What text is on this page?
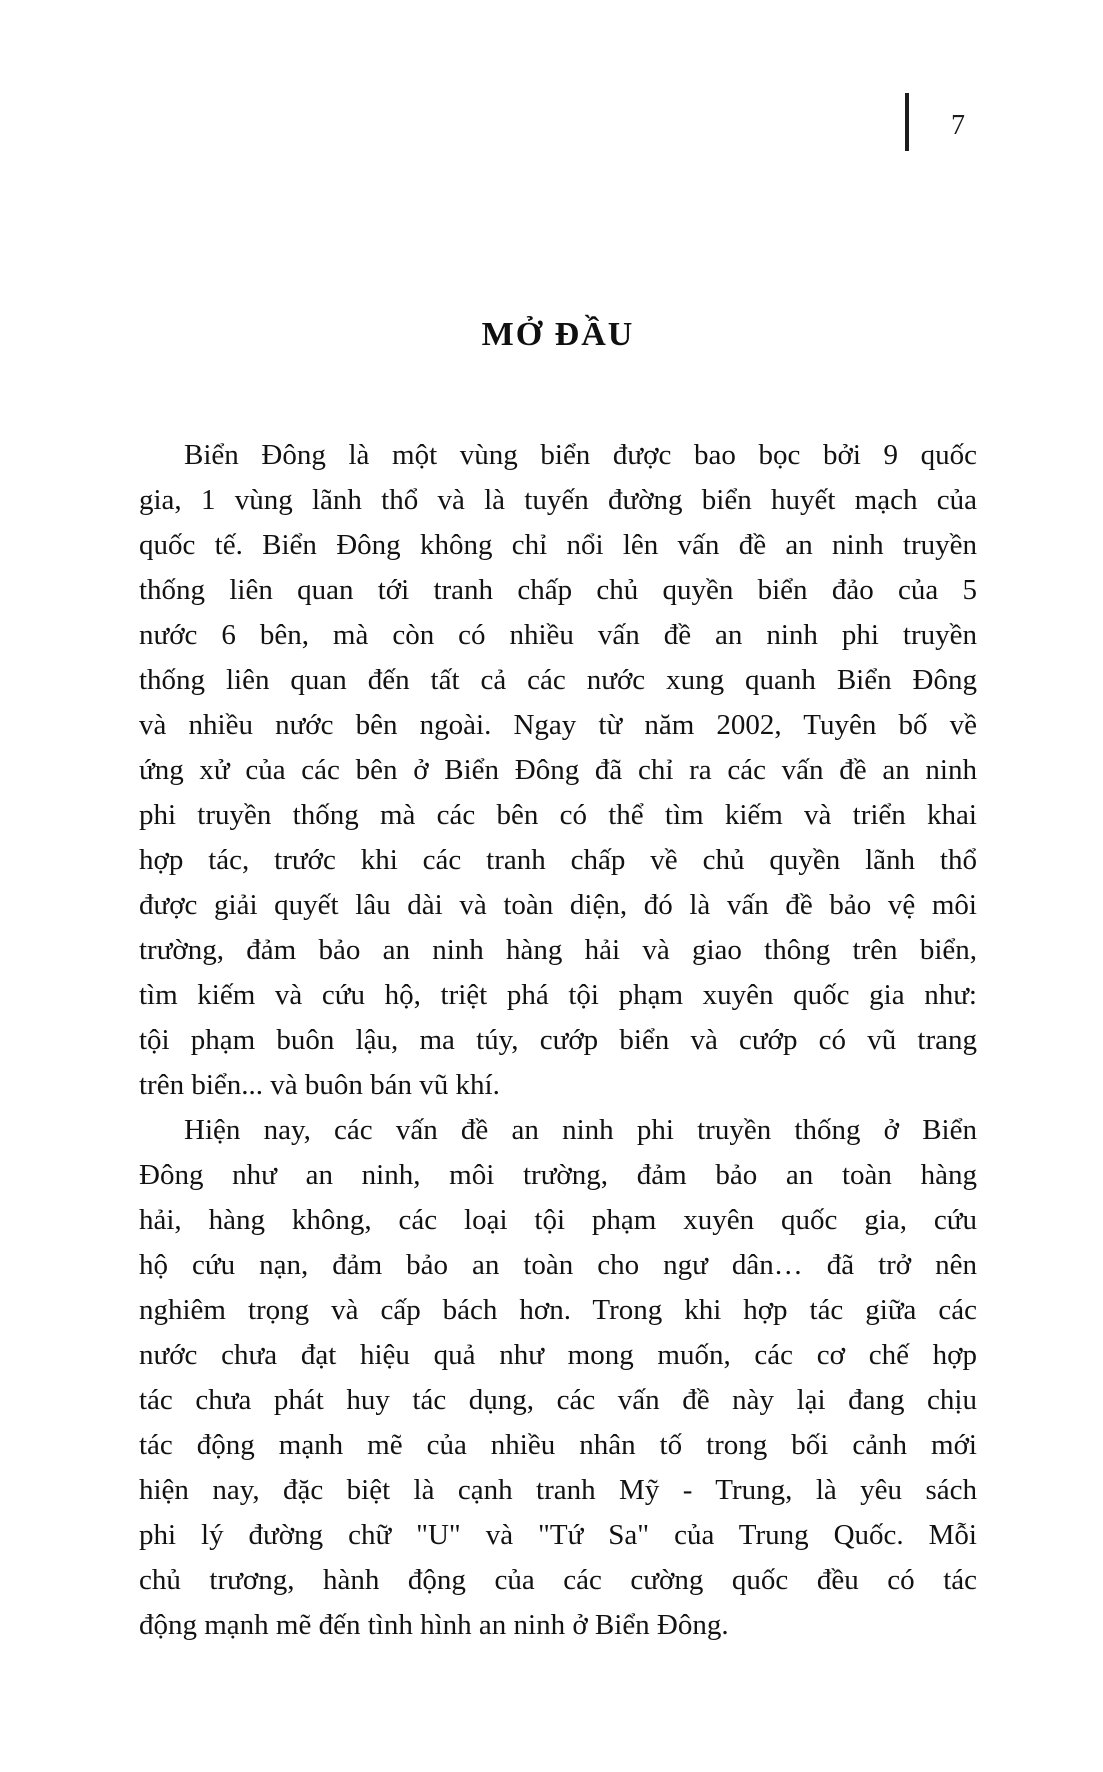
7
MỞ ĐẦU
Biển Đông là một vùng biển được bao bọc bởi 9 quốc
gia, 1 vùng lãnh thổ và là tuyến đường biển huyết mạch của
quốc tế. Biển Đông không chỉ nổi lên vấn đề an ninh truyền
thống liên quan tới tranh chấp chủ quyền biển đảo của 5
nước 6 bên, mà còn có nhiều vấn đề an ninh phi truyền
thống liên quan đến tất cả các nước xung quanh Biển Đông
và nhiều nước bên ngoài. Ngay từ năm 2002, Tuyên bố về
ứng xử của các bên ở Biển Đông đã chỉ ra các vấn đề an ninh
phi truyền thống mà các bên có thể tìm kiếm và triển khai
hợp tác, trước khi các tranh chấp về chủ quyền lãnh thổ
được giải quyết lâu dài và toàn diện, đó là vấn đề bảo vệ môi
trường, đảm bảo an ninh hàng hải và giao thông trên biển,
tìm kiếm và cứu hộ, triệt phá tội phạm xuyên quốc gia như:
tội phạm buôn lậu, ma túy, cướp biển và cướp có vũ trang
trên biển... và buôn bán vũ khí.
Hiện nay, các vấn đề an ninh phi truyền thống ở Biển
Đông như an ninh, môi trường, đảm bảo an toàn hàng
hải, hàng không, các loại tội phạm xuyên quốc gia, cứu
hộ cứu nạn, đảm bảo an toàn cho ngư dân… đã trở nên
nghiêm trọng và cấp bách hơn. Trong khi hợp tác giữa các
nước chưa đạt hiệu quả như mong muốn, các cơ chế hợp
tác chưa phát huy tác dụng, các vấn đề này lại đang chịu
tác động mạnh mẽ của nhiều nhân tố trong bối cảnh mới
hiện nay, đặc biệt là cạnh tranh Mỹ - Trung, là yêu sách
phi lý đường chữ "U" và "Tứ Sa" của Trung Quốc. Mỗi
chủ trương, hành động của các cường quốc đều có tác
động mạnh mẽ đến tình hình an ninh ở Biển Đông.
